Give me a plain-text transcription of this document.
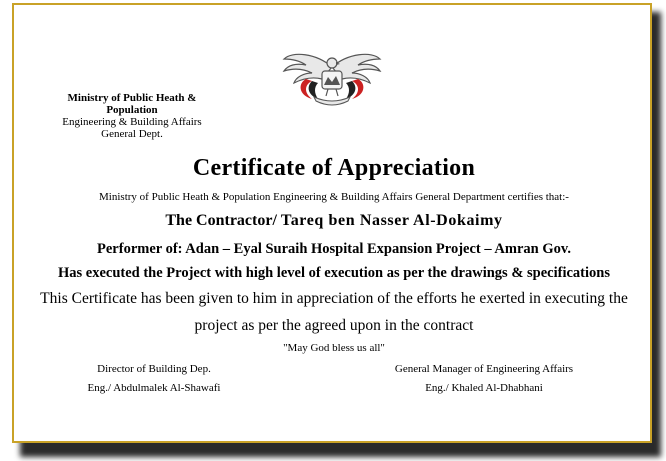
Ministry of Public Heath &
Population
Engineering & Building Affairs
General Dept.
Certificate of Appreciation
Ministry of Public Heath & Population Engineering & Building Affairs General Department certifies that:-
The Contractor/ Tareq ben Nasser Al-Dokaimy
Performer of: Adan – Eyal Suraih Hospital Expansion Project – Amran Gov.
Has executed the Project with high level of execution as per the drawings & specifications
This Certificate has been given to him in appreciation of the efforts he exerted in executing the
project as per the agreed upon in the contract
"May God bless us all"
Director of Building Dep.
Eng./ Abdulmalek Al-Shawafi
General Manager of Engineering Affairs
Eng./ Khaled Al-Dhabhani
